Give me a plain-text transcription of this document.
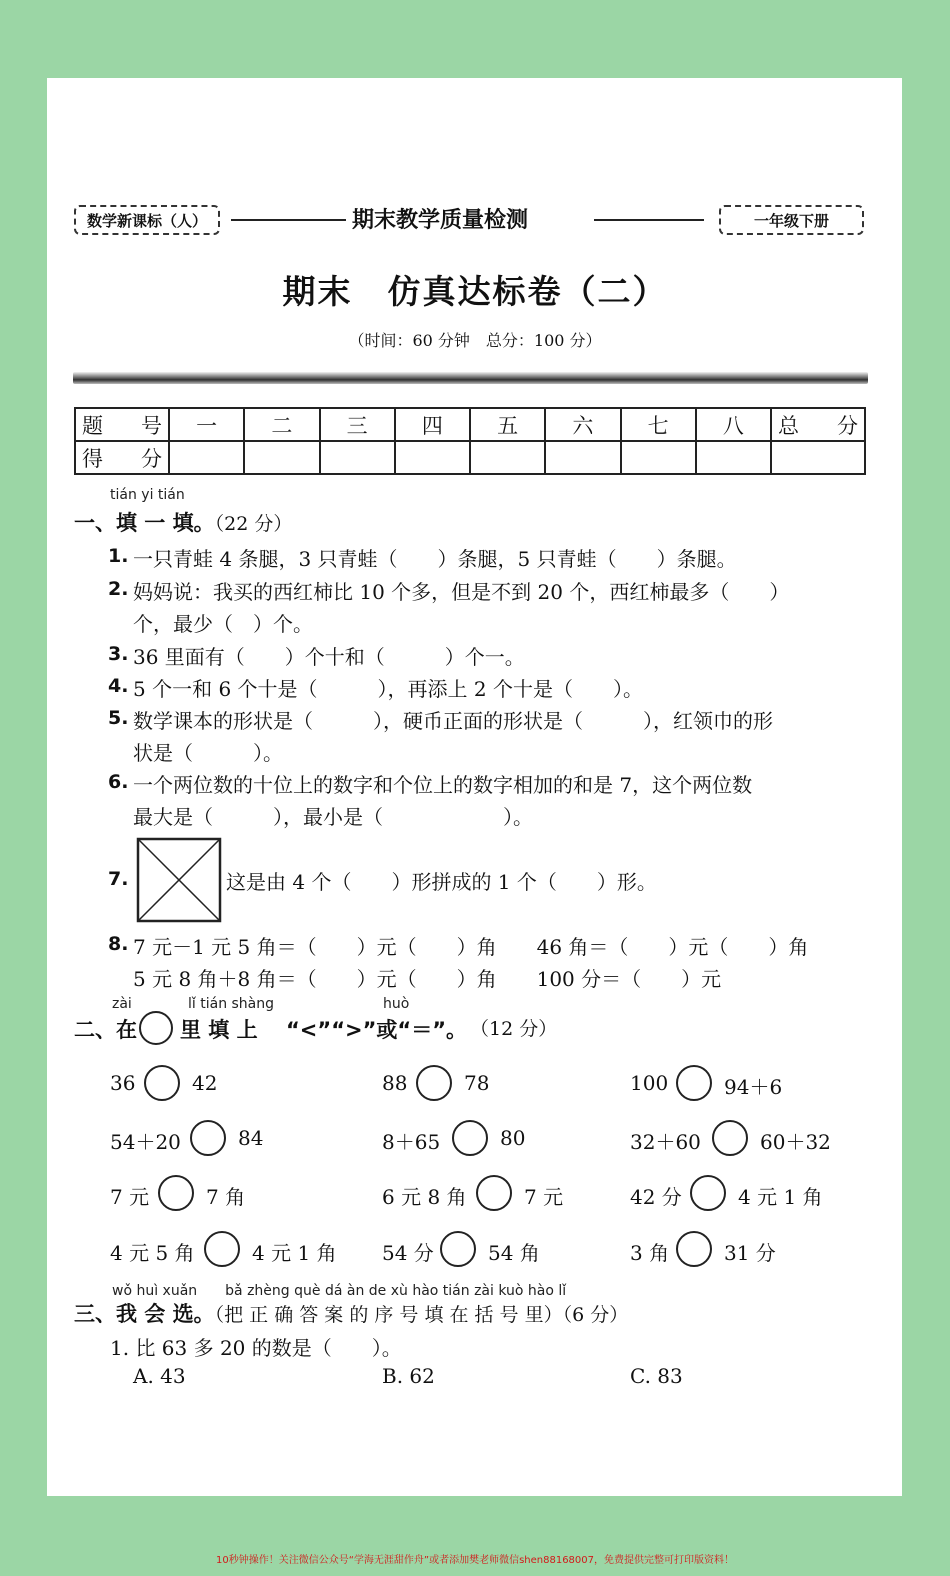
数学新课标（人）	期末教学质量检测	一年级下册
期末　仿真达标卷（二）
（时间：60 分钟　总分：100 分）
题　号	一	二	三	四	五	六	七	八	总　分
得　分									
tián yi tián
一、填 一 填。（22 分）
1. 一只青蛙 4 条腿，3 只青蛙（　　）条腿，5 只青蛙（　　）条腿。
2. 妈妈说：我买的西红柿比 10 个多，但是不到 20 个，西红柿最多（　　）
个，最少（　）个。
3. 36 里面有（　　）个十和（　　　）个一。
4. 5 个一和 6 个十是（　　　），再添上 2 个十是（　　）。
5. 数学课本的形状是（　　　），硬币正面的形状是（　　　），红领巾的形
状是（　　　）。
6. 一个两位数的十位上的数字和个位上的数字相加的和是 7，这个两位数
最大是（　　　），最小是（　　　　　　）。
7.	这是由 4 个（　　）形拼成的 1 个（　　）形。
8. 7 元－1 元 5 角＝（　　）元（　　）角　　46 角＝（　　）元（　　）角
5 元 8 角＋8 角＝（　　）元（　　）角　　100 分＝（　　）元
zài	lǐ tián shàng	huò
二、在 里 填 上 “<”“>”或“＝”。 （12 分）
36	42	88	78	100	94＋6
54＋20	84	8＋65	80	32＋60	60＋32
7 元	7 角	6 元 8 角	7 元	42 分	4 元 1 角
4 元 5 角	4 元 1 角 54 分	54 角	3 角	31 分
wǒ huì xuǎn　　bǎ zhèng què dá àn de xù hào tián zài kuò hào lǐ
三、我 会 选。（把 正 确 答 案 的 序 号 填 在 括 号 里）（6 分）
1. 比 63 多 20 的数是（　　）。
A. 43	B. 62	C. 83
10秒钟操作！关注微信公众号“学海无涯甜作舟”或者添加樊老师微信shen88168007，免费提供完整可打印版资料！
